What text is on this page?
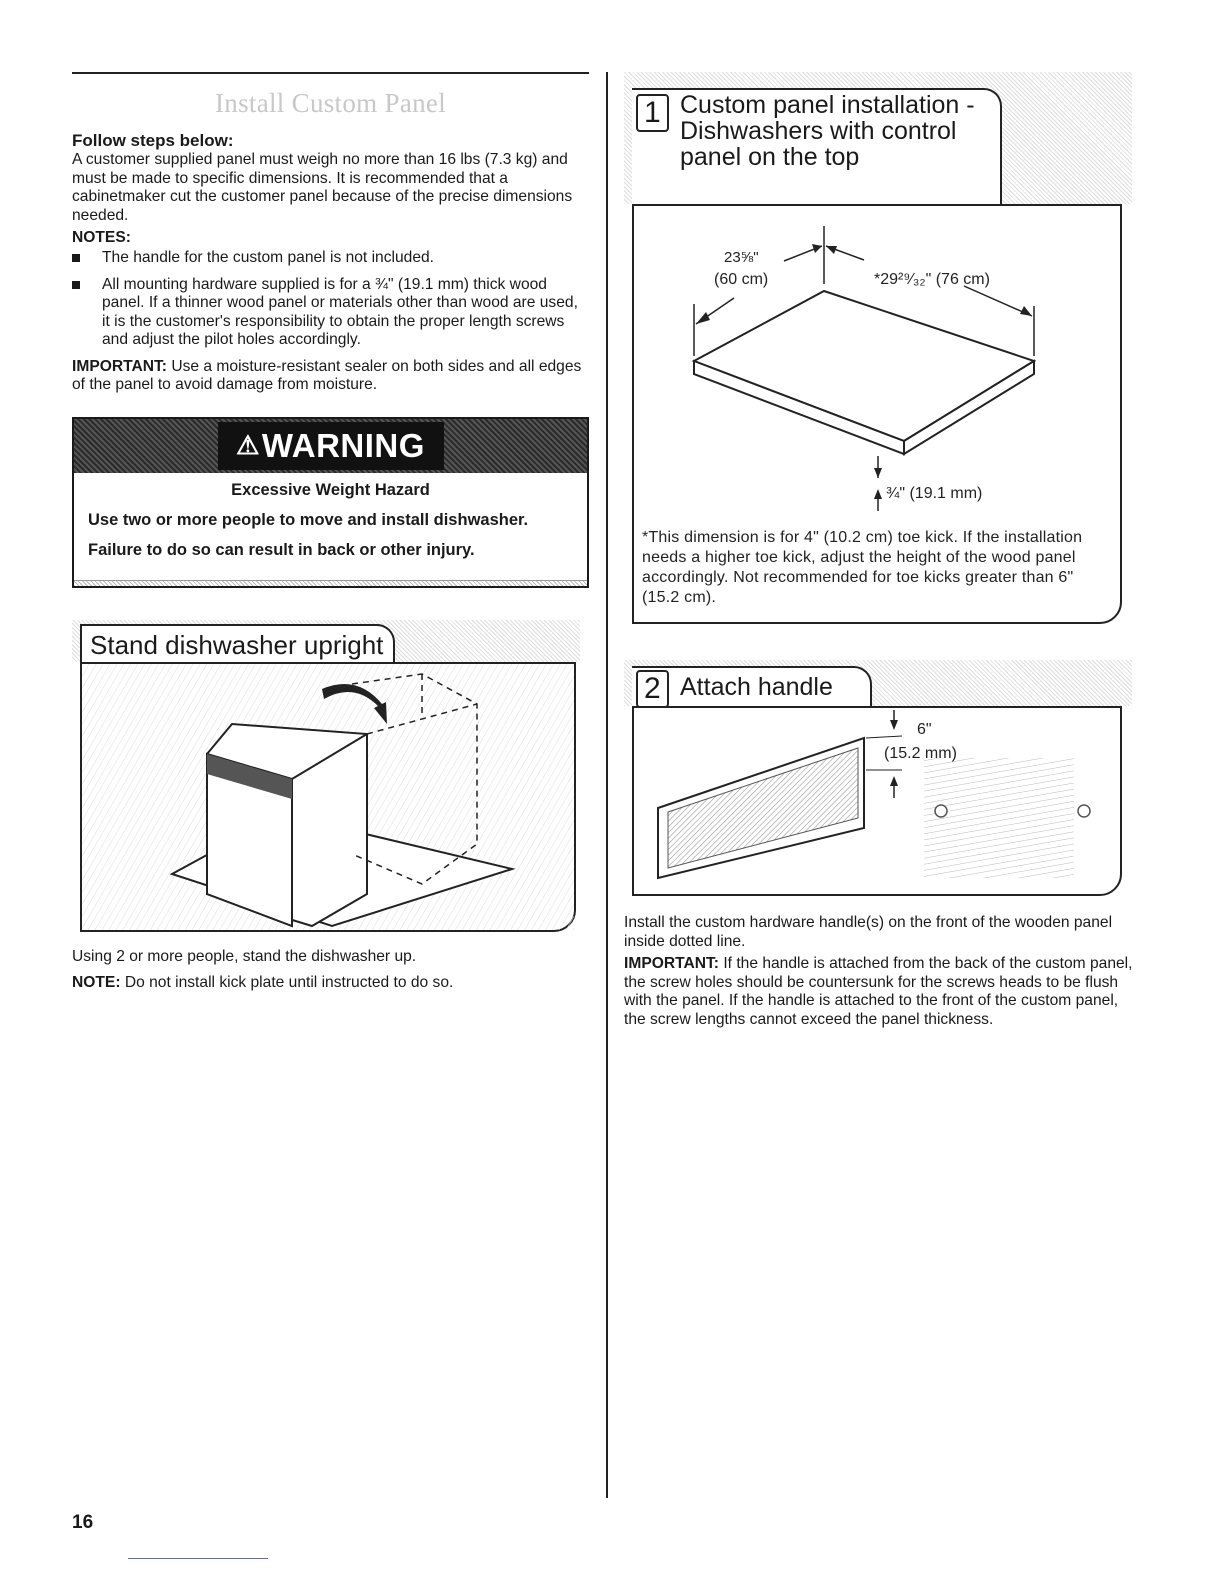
Install Custom Panel
Follow steps below:

A customer supplied panel must weigh no more than 16 lbs (7.3 kg) and must be made to specific dimensions. It is recommended that a cabinetmaker cut the customer panel because of the precise dimensions needed.

NOTES:
The handle for the custom panel is not included.
All mounting hardware supplied is for a ¾" (19.1 mm) thick wood panel. If a thinner wood panel or materials other than wood are used, it is the customer's responsibility to obtain the proper length screws and adjust the pilot holes accordingly.

IMPORTANT: Use a moisture-resistant sealer on both sides and all edges of the panel to avoid damage from moisture.

⚠ WARNING
Excessive Weight Hazard
Use two or more people to move and install dishwasher.
Failure to do so can result in back or other injury.
Stand dishwasher upright

Using 2 or more people, stand the dishwasher up.

NOTE: Do not install kick plate until instructed to do so.

1 Custom panel installation -
Dishwashers with control
panel on the top
23⅝"
(60 cm)	*29²⁹⁄₃₂" (76 cm)
¾" (19.1 mm)
*This dimension is for 4" (10.2 cm) toe kick. If the installation needs a higher toe kick, adjust the height of the wood panel accordingly. Not recommended for toe kicks greater than 6" (15.2 cm).
2 Attach handle
6"
(15.2 mm)

Install the custom hardware handle(s) on the front of the wooden panel inside dotted line.

IMPORTANT: If the handle is attached from the back of the custom panel, the screw holes should be countersunk for the screws heads to be flush with the panel. If the handle is attached to the front of the custom panel, the screw lengths cannot exceed the panel thickness.

16
